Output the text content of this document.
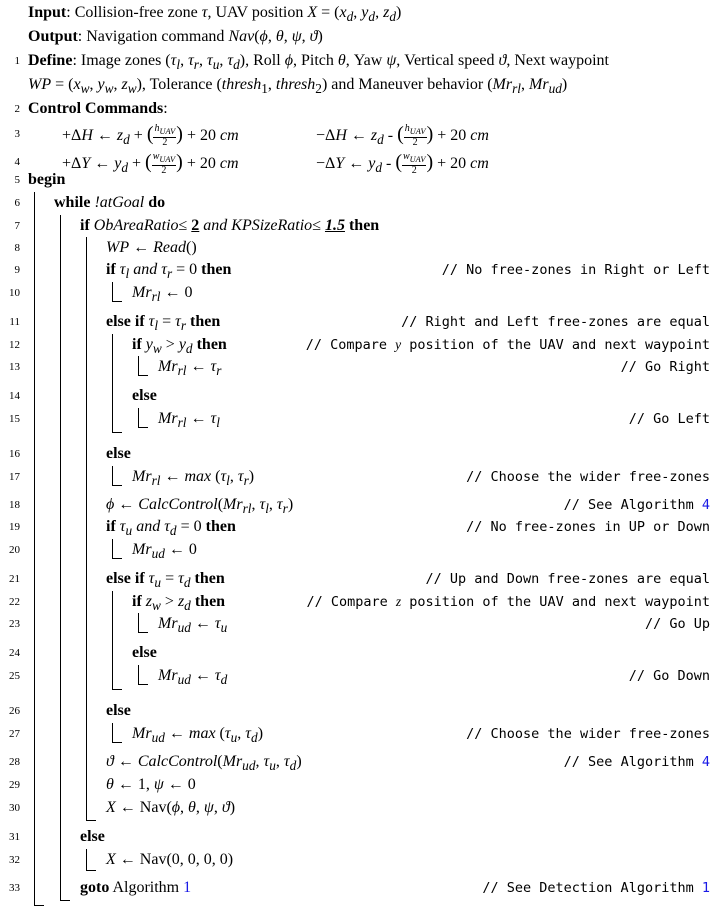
Input: Collision-free zone τ, UAV position $X = (x_d$, $y_d$, $z_d$)
Output: Navigation command Nav(ϕ, θ, ψ, ϑ)
1 Define: Image zones ($\tau_l$, $\tau_r$, $\tau_u$, $\tau_d$), Roll ϕ, Pitch θ, Yaw ψ, Vertical speed ϑ, Next waypoint
WP = ($x_w$, $y_w$, $z_w$), Tolerance (thresh$_1$, thresh$_2$) and Maneuver behavior ($Mr_{rl}$, $Mr_{ud}$)
2 Control Commands:
3	+ΔH ← $z_d$ + ( $\frac{h_{UAV}}{2}$ ) + 20 cm	−ΔH ← $z_d$ - ( $\frac{h_{UAV}}{2}$ ) + 20 cm
4	+ΔY ← $y_d$ + ( $\frac{w_{UAV}}{2}$ ) + 20 cm	−ΔY ← $y_d$ - ( $\frac{w_{UAV}}{2}$ ) + 20 cm
5 begin
6 while !atGoal do
7	if ObAreaRatio≤ 2 and KPSizeRatio≤ 1.5 then
8	WP ← Read()
9	if $\tau_l$ and $\tau_r = 0$ then	// No free-zones in Right or Left
10	$Mr_{rl}$ ← 0
11	else if $\tau_l = \tau_r$ then	// Right and Left free-zones are equal
12	if $y_w > y_d$ then	// Compare y position of the UAV and next waypoint
13	$Mr_{rl}$ ← $\tau_r$	// Go Right
14	else
15	$Mr_{rl}$ ← $\tau_l$	// Go Left
16	else
17	$Mr_{rl}$ ← $\max (\tau_l$, $\tau_r$)	// Choose the wider free-zones
18	ϕ ← $CalcControl(Mr_{rl}$, $\tau_l$, $\tau_r$)	// See Algorithm 4
19	if $\tau_u$ and $\tau_d = 0$ then	// No free-zones in UP or Down
20	$Mr_{ud}$ ← 0
21	else if $\tau_u = \tau_d$ then	// Up and Down free-zones are equal
22	if $z_w > z_d$ then	// Compare z position of the UAV and next waypoint
23	$Mr_{ud}$ ← $\tau_u$	// Go Up
24	else
25	$Mr_{ud}$ ← $\tau_d$	// Go Down
26	else
27	$Mr_{ud}$ ← $\max (\tau_u$, $\tau_d$)	// Choose the wider free-zones
28	ϑ ← $CalcControl(Mr_{ud}$, $\tau_u$, $\tau_d$)	// See Algorithm 4
29	θ ← 1, ψ ← 0
30	X ← Nav(ϕ, θ, ψ, ϑ)
31	else
32	X ← Nav(0, 0, 0, 0)
33	goto Algorithm 1	// See Detection Algorithm 1
